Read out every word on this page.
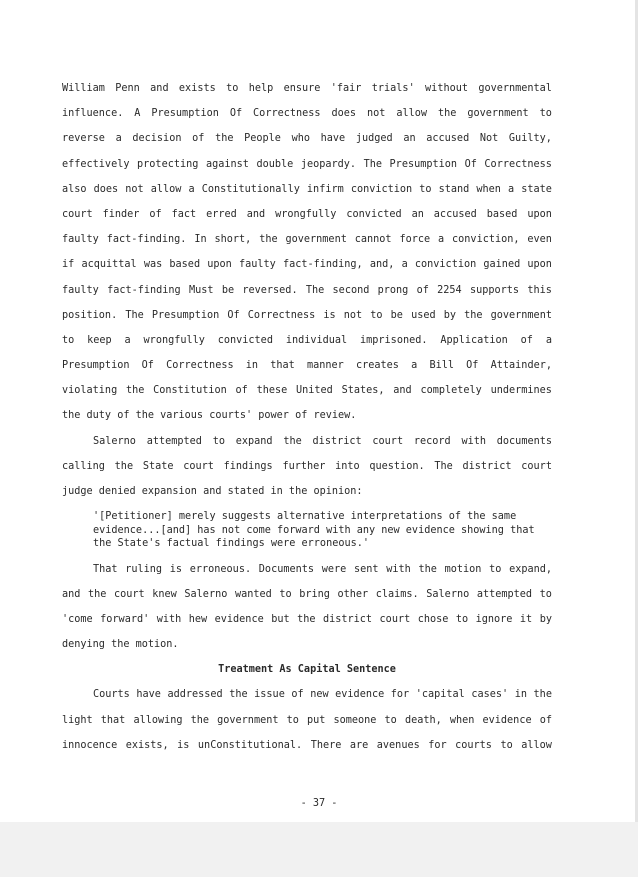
William Penn and exists to help ensure 'fair trials' without governmental
influence. A Presumption Of Correctness does not allow the government to
reverse a decision of the People who have judged an accused Not Guilty,
effectively protecting against double jeopardy. The Presumption Of Correctness
also does not allow a Constitutionally infirm conviction to stand when a state
court finder of fact erred and wrongfully convicted an accused based upon
faulty fact-finding. In short, the government cannot force a conviction, even
if acquittal was based upon faulty fact-finding, and, a conviction gained upon
faulty fact-finding Must be reversed. The second prong of 2254 supports this
position. The Presumption Of Correctness is not to be used by the government
to keep a wrongfully convicted individual imprisoned. Application of a
Presumption Of Correctness in that manner creates a Bill Of Attainder,
violating the Constitution of these United States, and completely undermines
the duty of the various courts' power of review.
Salerno attempted to expand the district court record with documents
calling the State court findings further into question. The district court
judge denied expansion and stated in the opinion:
'[Petitioner] merely suggests alternative interpretations of the same
evidence...[and] has not come forward with any new evidence showing that
the State's factual findings were erroneous.'
That ruling is erroneous. Documents were sent with the motion to expand,
and the court knew Salerno wanted to bring other claims. Salerno attempted to
'come forward' with hew evidence but the district court chose to ignore it by
denying the motion.
Treatment As Capital Sentence
Courts have addressed the issue of new evidence for 'capital cases' in the
light that allowing the government to put someone to death, when evidence of
innocence exists, is unConstitutional. There are avenues for courts to allow
- 37 -
